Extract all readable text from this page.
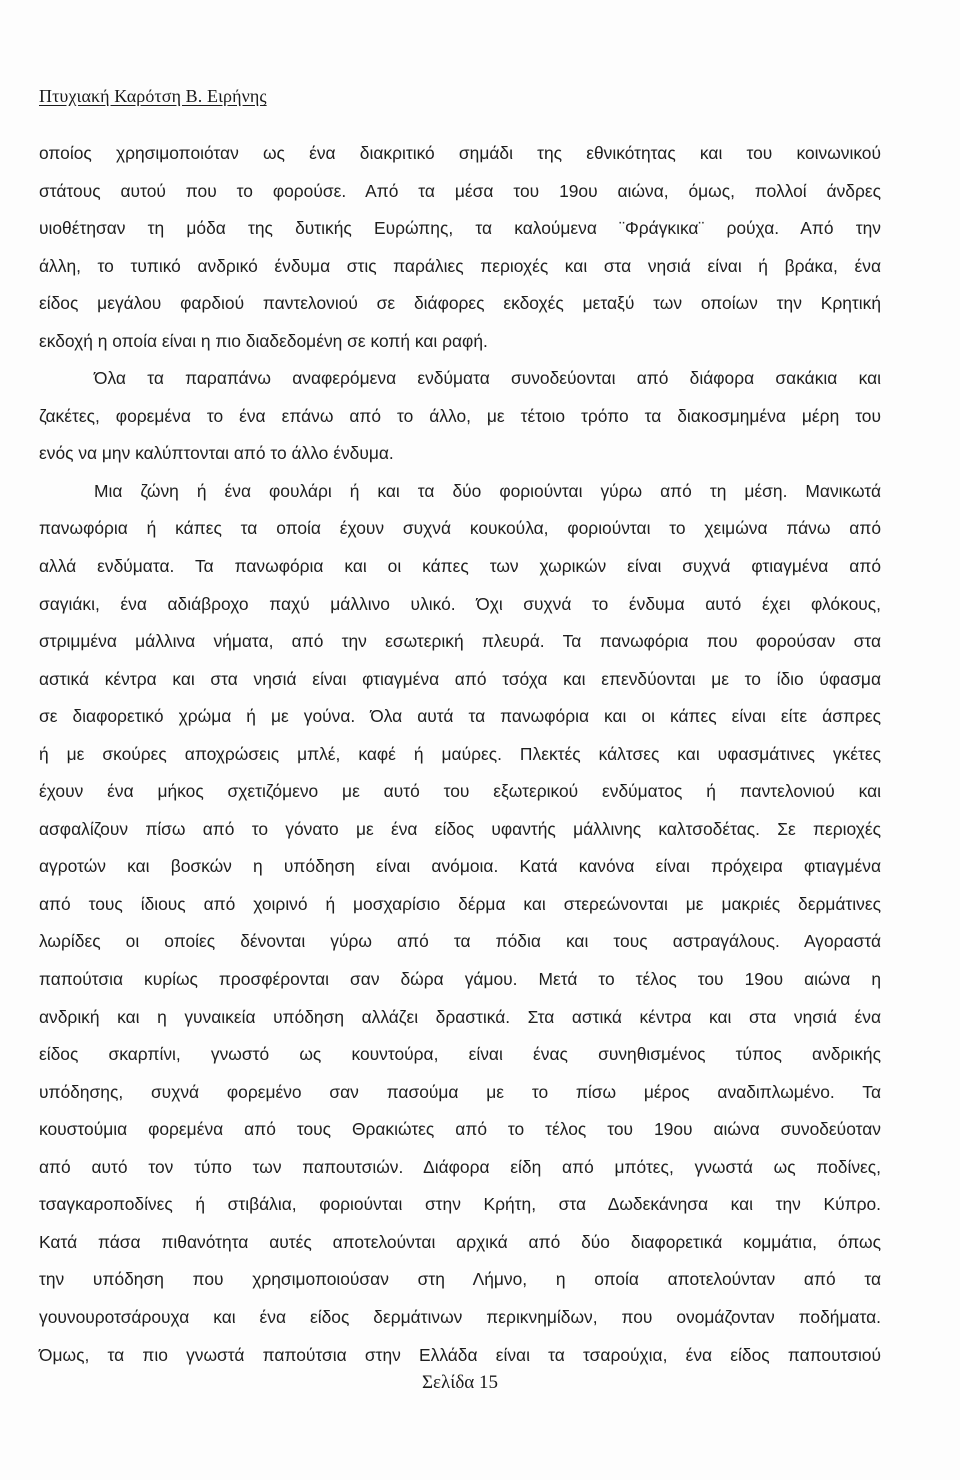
Πτυχιακή Καρότση Β. Ειρήνης
οποίος χρησιμοποιόταν ως ένα διακριτικό σημάδι της εθνικότητας και του κοινωνικού
στάτους αυτού που το φορούσε. Από τα μέσα του 19ου αιώνα, όμως, πολλοί άνδρες
υιοθέτησαν τη μόδα της δυτικής Ευρώπης, τα καλούμενα ¨Φράγκικα¨ ρούχα. Από την
άλλη, το τυπικό ανδρικό ένδυμα στις παράλιες περιοχές και στα νησιά είναι ή βράκα, ένα
είδος μεγάλου φαρδιού παντελονιού σε διάφορες εκδοχές μεταξύ των οποίων την Κρητική
εκδοχή η οποία είναι η πιο διαδεδομένη σε κοπή και ραφή.
Όλα τα παραπάνω αναφερόμενα ενδύματα συνοδεύονται από διάφορα σακάκια και
ζακέτες, φορεμένα το ένα επάνω από το άλλο, με τέτοιο τρόπο τα διακοσμημένα μέρη του
ενός να μην καλύπτονται από το άλλο ένδυμα.
Μια ζώνη ή ένα φουλάρι ή και τα δύο φοριούνται γύρω από τη μέση. Μανικωτά
πανωφόρια ή κάπες τα οποία έχουν συχνά κουκούλα, φοριούνται το χειμώνα πάνω από
αλλά ενδύματα. Τα πανωφόρια και οι κάπες των χωρικών είναι συχνά φτιαγμένα από
σαγιάκι, ένα αδιάβροχο παχύ μάλλινο υλικό. Όχι συχνά το ένδυμα αυτό έχει φλόκους,
στριμμένα μάλλινα νήματα, από την εσωτερική πλευρά. Τα πανωφόρια που φορούσαν στα
αστικά κέντρα και στα νησιά είναι φτιαγμένα από τσόχα και επενδύονται με το ίδιο ύφασμα
σε διαφορετικό χρώμα ή με γούνα. Όλα αυτά τα πανωφόρια και οι κάπες είναι είτε άσπρες
ή με σκούρες αποχρώσεις μπλέ, καφέ ή μαύρες. Πλεκτές κάλτσες και υφασμάτινες γκέτες
έχουν ένα μήκος σχετιζόμενο με αυτό του εξωτερικού ενδύματος ή παντελονιού και
ασφαλίζουν πίσω από το γόνατο με ένα είδος υφαντής μάλλινης καλτσοδέτας. Σε περιοχές
αγροτών και βοσκών η υπόδηση είναι ανόμοια. Κατά κανόνα είναι πρόχειρα φτιαγμένα
από τους ίδιους από χοιρινό ή μοσχαρίσιο δέρμα και στερεώνονται με μακριές δερμάτινες
λωρίδες οι οποίες δένονται γύρω από τα πόδια και τους αστραγάλους. Αγοραστά
παπούτσια κυρίως προσφέρονται σαν δώρα γάμου. Μετά το τέλος του 19ου αιώνα η
ανδρική και η γυναικεία υπόδηση αλλάζει δραστικά. Στα αστικά κέντρα και στα νησιά ένα
είδος σκαρπίνι, γνωστό ως κουντούρα, είναι ένας συνηθισμένος τύπος ανδρικής
υπόδησης, συχνά φορεμένο σαν πασούμα με το πίσω μέρος αναδιπλωμένο. Τα
κουστούμια φορεμένα από τους Θρακιώτες από το τέλος του 19ου αιώνα συνοδεύοταν
από αυτό τον τύπο των παπουτσιών. Διάφορα είδη από μπότες, γνωστά ως ποδίνες,
τσαγκαροποδίνες ή στιβάλια, φοριούνται στην Κρήτη, στα Δωδεκάνησα και την Κύπρο.
Κατά πάσα πιθανότητα αυτές αποτελούνται αρχικά από δύο διαφορετικά κομμάτια, όπως
την υπόδηση που χρησιμοποιούσαν στη Λήμνο, η οποία αποτελούνταν από τα
γουνουροτσάρουχα και ένα είδος δερμάτινων περικνημίδων, που ονομάζονταν ποδήματα.
Όμως, τα πιο γνωστά παπούτσια στην Ελλάδα είναι τα τσαρούχια, ένα είδος παπουτσιού
Σελίδα 15
